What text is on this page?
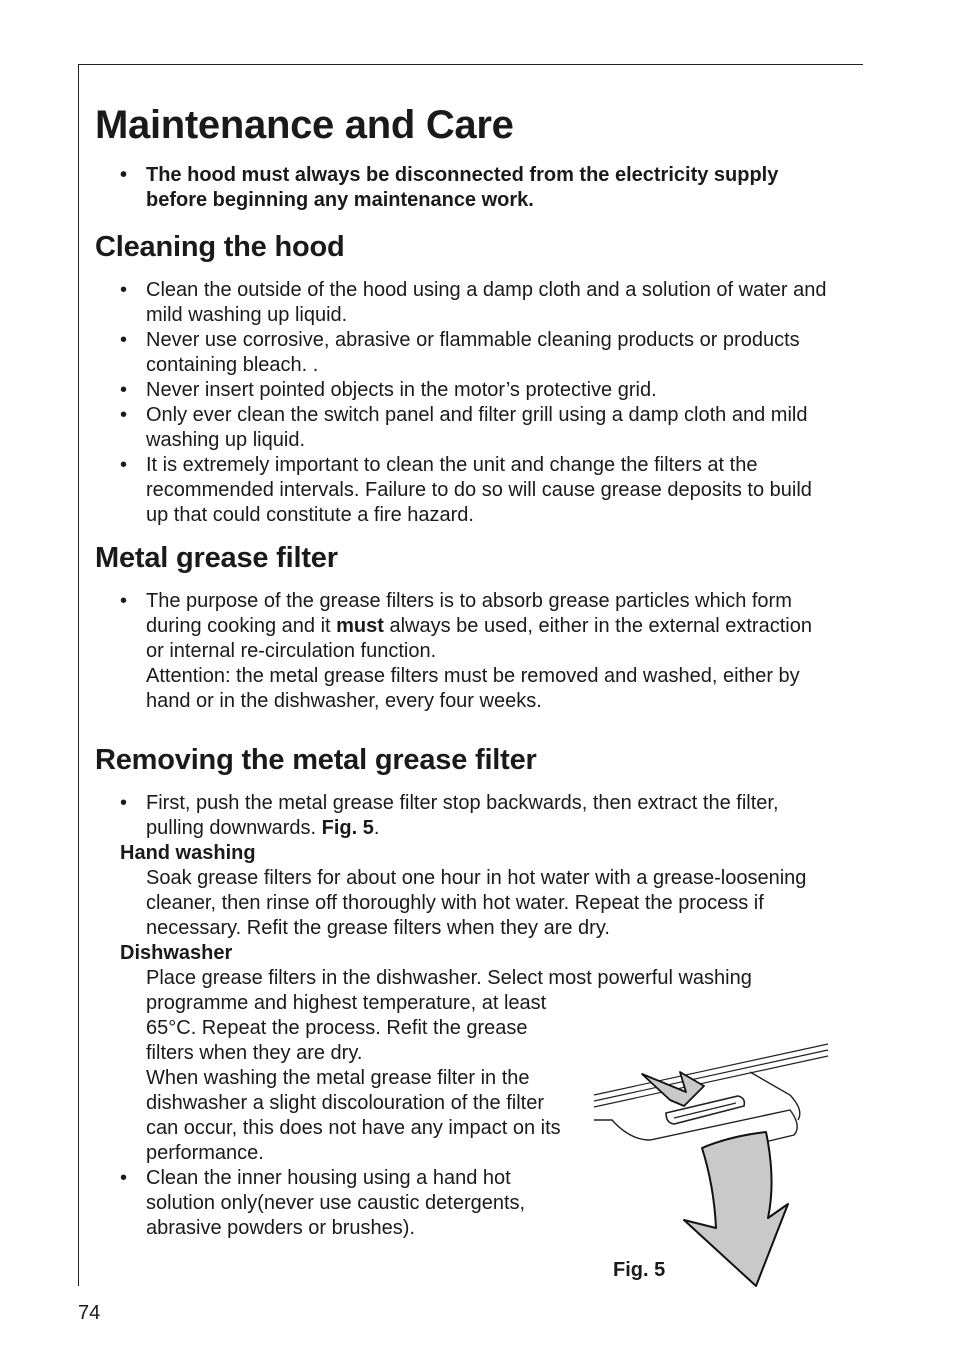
Maintenance and Care
• The hood must always be disconnected from the electricity supply before beginning any maintenance work.
Cleaning the hood
• Clean the outside of the hood using a damp cloth and a solution of water and mild washing up liquid.
• Never use corrosive, abrasive or flammable cleaning products or products containing bleach. .
• Never insert pointed objects in the motor’s protective grid.
• Only ever clean the switch panel and filter grill using a damp cloth and mild washing up liquid.
• It is extremely important to clean the unit and change the filters at the recommended intervals. Failure to do so will cause grease deposits to build up that could constitute a fire hazard.
Metal grease filter
• The purpose of the grease filters is to absorb grease particles which form during cooking and it must always be used, either in the external extraction or internal re-circulation function.
Attention: the metal grease filters must be removed and washed, either by hand or in the dishwasher, every four weeks.
Removing the metal grease filter
• First, push the metal grease filter stop backwards, then extract the filter, pulling downwards. Fig. 5.
Hand washing
Soak grease filters for about one hour in hot water with a grease-loosening cleaner, then rinse off thoroughly with hot water. Repeat the process if necessary. Refit the grease filters when they are dry.
Dishwasher
Place grease filters in the dishwasher. Select most powerful washing
programme and highest temperature, at least 65°C. Repeat the process. Refit the grease filters when they are dry.
When washing the metal grease filter in the dishwasher a slight discolouration of the filter can occur, this does not have any impact on its performance.
• Clean the inner housing using a hand hot solution only(never use caustic detergents, abrasive powders or brushes).
Fig. 5
74
